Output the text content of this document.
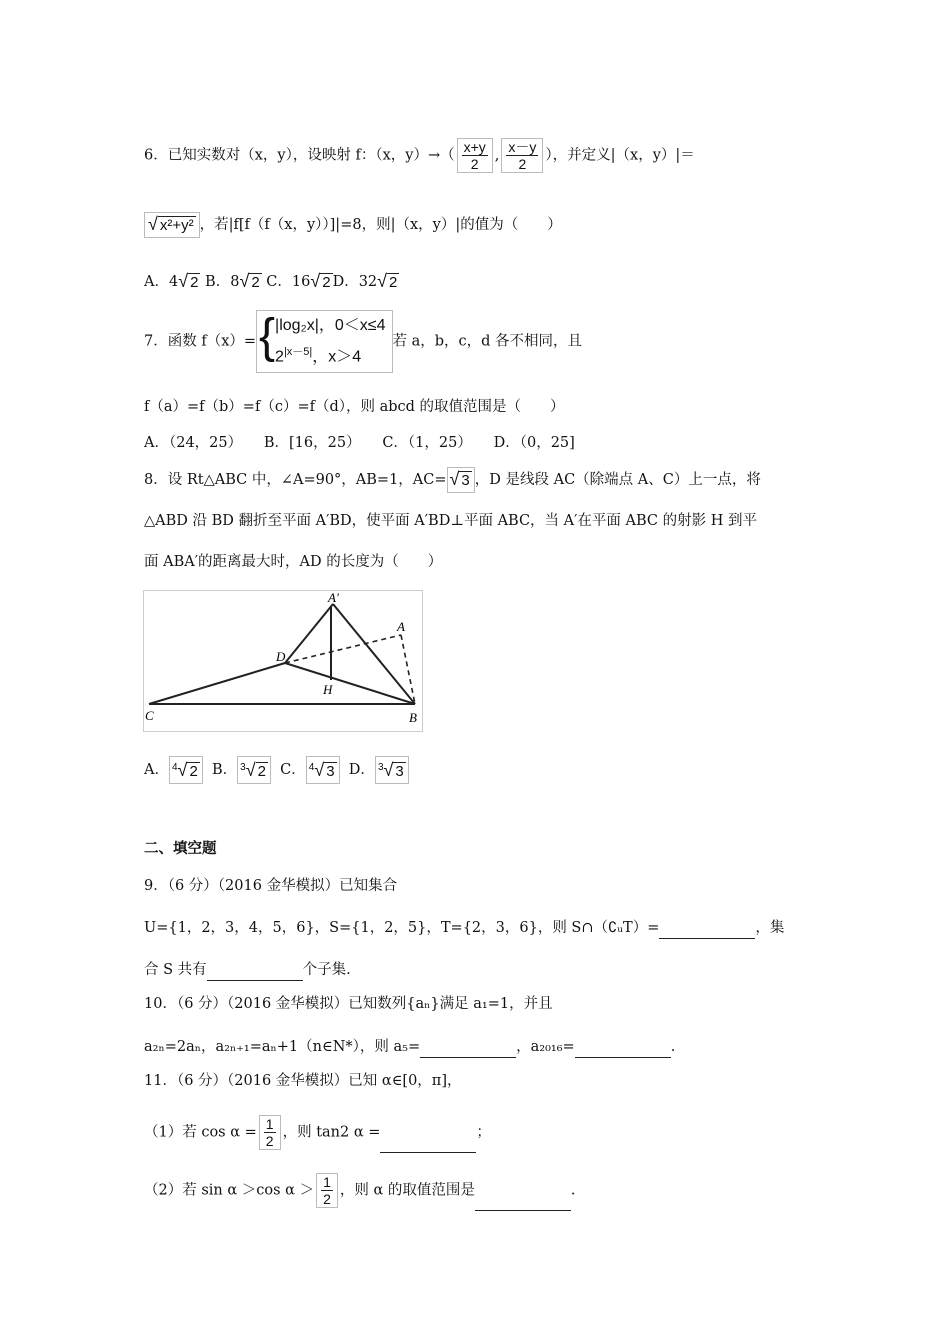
6．已知实数对（x，y），设映射 f：（x，$y)\to( \frac{x+y}{2}$ , $\frac{x-y}{2}$ ），并定义|（x，y）|＝
√ x²+y² ，若|f[f（f（x，y））]|=8，则|（x，y）|的值为（　　）
A．4√ 2 B．8√ 2 C．16√ 2 D．32√ 2
7．函数 f（x）= { |log₂x|，0＜x≤4
$2^{|x-5|}$，x＞4
若 a，b，c，d 各不相同，且
f（a）=f（b）=f（c）=f（d），则 abcd 的取值范围是（　　）
A．（24，25）　　B．[16，25）　　C．（1，25）　　D．（0，25]
8．设 Rt△ABC 中，∠A=90°，AB=1，AC= √ 3 ，D 是线段 AC（除端点 A、C）上一点，将
△ABD 沿 BD 翻折至平面 A′BD，使平面 A′BD⊥平面 ABC，当 A′在平面 ABC 的射影 H 到平
面 ABA′的距离最大时，AD 的长度为（　　）
A'
A
D
H
C	B
A． $^4$√ 2 B． $^3$√ 2 C． $^4$√ 3 D． $^3$√ 3
二、填空题
9．（6 分）（2016 金华模拟）已知集合
U={1，2，3，4，5，6}，S={1，2，5}，T={2，3，6}，则 S∩（∁ᵤT）=	，集
合 S 共有	个子集.
10．（6 分）（2016 金华模拟）已知数列{aₙ}满足 a₁=1，并且
a₂ₙ=2aₙ，a₂ₙ₊₁=aₙ+1（n∈N*），则 a₅=	，a₂₀₁₆=	.
11．（6 分）（2016 金华模拟）已知 α∈[0，π]，
（1）若 $\cos \alpha = \frac{1}{2}$ ，则 tan2 α =	；
（2）若 sin α ＞cos $\alpha > \frac{1}{2}$ ，则 α 的取值范围是	.
